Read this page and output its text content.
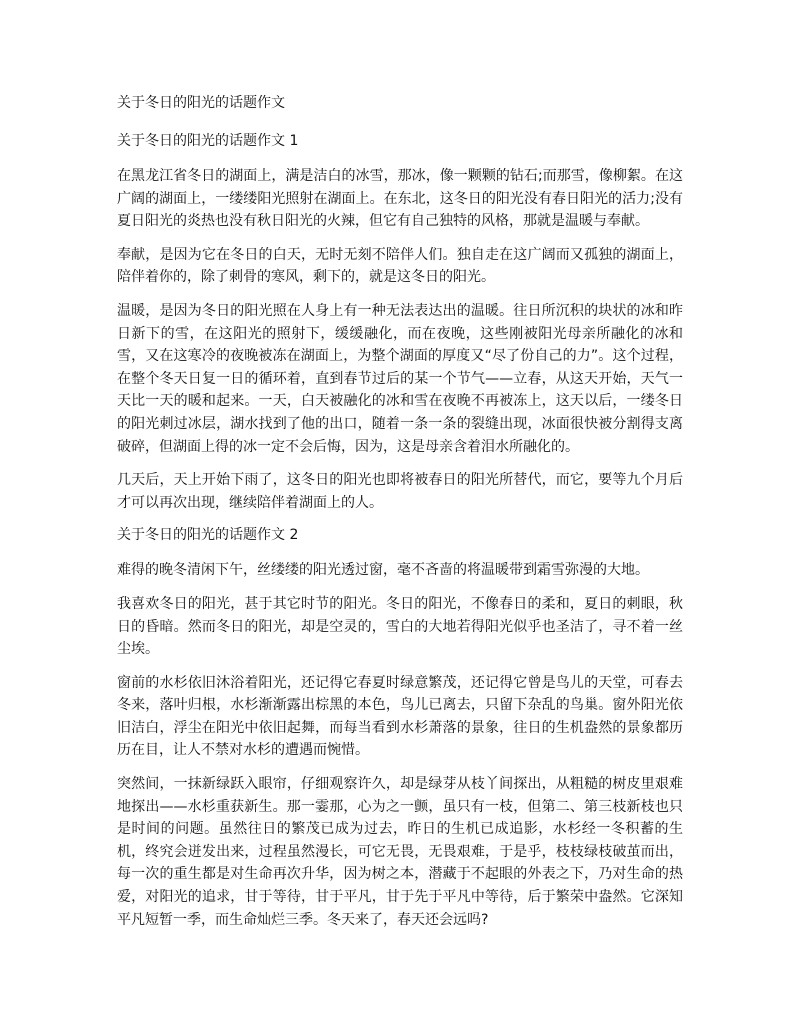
关于冬日的阳光的话题作文
关于冬日的阳光的话题作文 1

在黑龙江省冬日的湖面上，满是洁白的冰雪，那冰，像一颗颗的钻石;而那雪，像柳絮。在这广阔的湖面上，一缕缕阳光照射在湖面上。在东北，这冬日的阳光没有春日阳光的活力;没有夏日阳光的炎热也没有秋日阳光的火辣，但它有自己独特的风格，那就是温暖与奉献。

奉献，是因为它在冬日的白天，无时无刻不陪伴人们。独自走在这广阔而又孤独的湖面上，陪伴着你的，除了刺骨的寒风，剩下的，就是这冬日的阳光。

温暖，是因为冬日的阳光照在人身上有一种无法表达出的温暖。往日所沉积的块状的冰和昨日新下的雪，在这阳光的照射下，缓缓融化，而在夜晚，这些刚被阳光母亲所融化的冰和雪，又在这寒冷的夜晚被冻在湖面上，为整个湖面的厚度又“尽了份自己的力”。这个过程，在整个冬天日复一日的循环着，直到春节过后的某一个节气——立春，从这天开始，天气一天比一天的暖和起来。一天，白天被融化的冰和雪在夜晚不再被冻上，这天以后，一缕冬日的阳光刺过冰层，湖水找到了他的出口，随着一条一条的裂缝出现，冰面很快被分割得支离破碎，但湖面上得的冰一定不会后悔，因为，这是母亲含着泪水所融化的。

几天后，天上开始下雨了，这冬日的阳光也即将被春日的阳光所替代，而它，要等九个月后才可以再次出现，继续陪伴着湖面上的人。

关于冬日的阳光的话题作文 2

难得的晚冬清闲下午，丝缕缕的阳光透过窗，毫不吝啬的将温暖带到霜雪弥漫的大地。

我喜欢冬日的阳光，甚于其它时节的阳光。冬日的阳光，不像春日的柔和，夏日的刺眼，秋日的昏暗。然而冬日的阳光，却是空灵的，雪白的大地若得阳光似乎也圣洁了，寻不着一丝尘埃。

窗前的水杉依旧沐浴着阳光，还记得它春夏时绿意繁茂，还记得它曾是鸟儿的天堂，可春去冬来，落叶归根，水杉渐渐露出棕黑的本色，鸟儿已离去，只留下杂乱的鸟巢。窗外阳光依旧洁白，浮尘在阳光中依旧起舞，而每当看到水杉萧落的景象，往日的生机盎然的景象都历历在目，让人不禁对水杉的遭遇而惋惜。

突然间，一抹新绿跃入眼帘，仔细观察许久，却是绿芽从枝丫间探出，从粗糙的树皮里艰难地探出——水杉重获新生。那一霎那，心为之一颤，虽只有一枝，但第二、第三枝新枝也只是时间的问题。虽然往日的繁茂已成为过去，昨日的生机已成追影，水杉经一冬积蓄的生机，终究会迸发出来，过程虽然漫长，可它无畏，无畏艰难，于是乎，枝枝绿枝破茧而出，每一次的重生都是对生命再次升华，因为树之本，潜藏于不起眼的外表之下，乃对生命的热爱，对阳光的追求，甘于等待，甘于平凡，甘于先于平凡中等待，后于繁荣中盎然。它深知平凡短暂一季，而生命灿烂三季。冬天来了，春天还会远吗?
